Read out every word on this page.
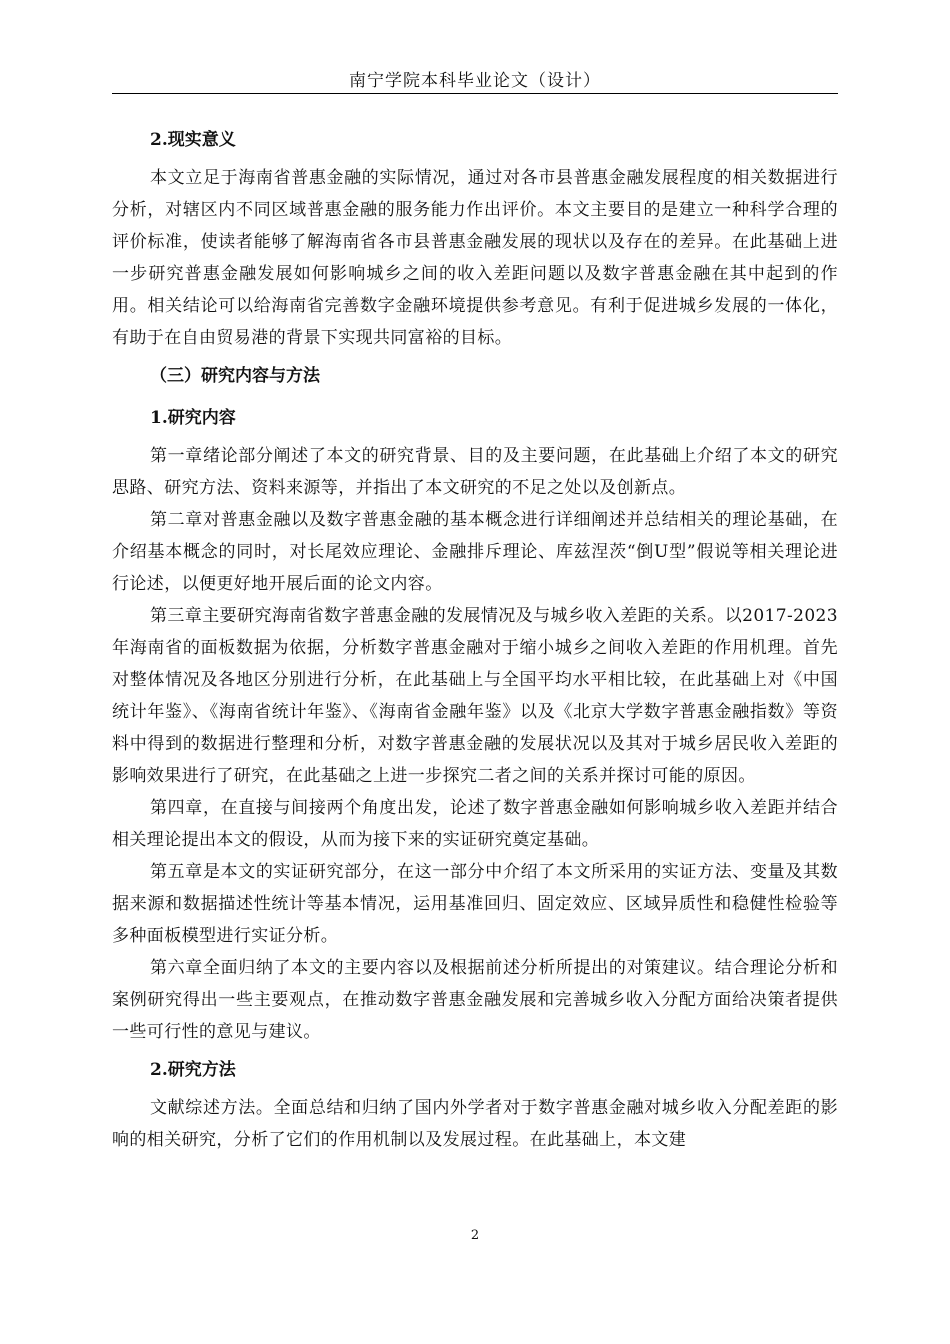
南宁学院本科毕业论文（设计）
2.现实意义

本文立足于海南省普惠金融的实际情况，通过对各市县普惠金融发展程度的相关数据进行分析，对辖区内不同区域普惠金融的服务能力作出评价。本文主要目的是建立一种科学合理的评价标准，使读者能够了解海南省各市县普惠金融发展的现状以及存在的差异。在此基础上进一步研究普惠金融发展如何影响城乡之间的收入差距问题以及数字普惠金融在其中起到的作用。相关结论可以给海南省完善数字金融环境提供参考意见。有利于促进城乡发展的一体化，有助于在自由贸易港的背景下实现共同富裕的目标。

（三）研究内容与方法
1.研究内容

第一章绪论部分阐述了本文的研究背景、目的及主要问题，在此基础上介绍了本文的研究思路、研究方法、资料来源等，并指出了本文研究的不足之处以及创新点。

第二章对普惠金融以及数字普惠金融的基本概念进行详细阐述并总结相关的理论基础，在介绍基本概念的同时，对长尾效应理论、金融排斥理论、库兹涅茨“倒U型”假说等相关理论进行论述，以便更好地开展后面的论文内容。

第三章主要研究海南省数字普惠金融的发展情况及与城乡收入差距的关系。以2017-2023年海南省的面板数据为依据，分析数字普惠金融对于缩小城乡之间收入差距的作用机理。首先对整体情况及各地区分别进行分析，在此基础上与全国平均水平相比较，在此基础上对《中国统计年鉴》、《海南省统计年鉴》、《海南省金融年鉴》以及《北京大学数字普惠金融指数》等资料中得到的数据进行整理和分析，对数字普惠金融的发展状况以及其对于城乡居民收入差距的影响效果进行了研究，在此基础之上进一步探究二者之间的关系并探讨可能的原因。

第四章，在直接与间接两个角度出发，论述了数字普惠金融如何影响城乡收入差距并结合相关理论提出本文的假设，从而为接下来的实证研究奠定基础。

第五章是本文的实证研究部分，在这一部分中介绍了本文所采用的实证方法、变量及其数据来源和数据描述性统计等基本情况，运用基准回归、固定效应、区域异质性和稳健性检验等多种面板模型进行实证分析。

第六章全面归纳了本文的主要内容以及根据前述分析所提出的对策建议。结合理论分析和案例研究得出一些主要观点，在推动数字普惠金融发展和完善城乡收入分配方面给决策者提供一些可行性的意见与建议。

2.研究方法

文献综述方法。全面总结和归纳了国内外学者对于数字普惠金融对城乡收入分配差距的影响的相关研究，分析了它们的作用机制以及发展过程。在此基础上，本文建

2
